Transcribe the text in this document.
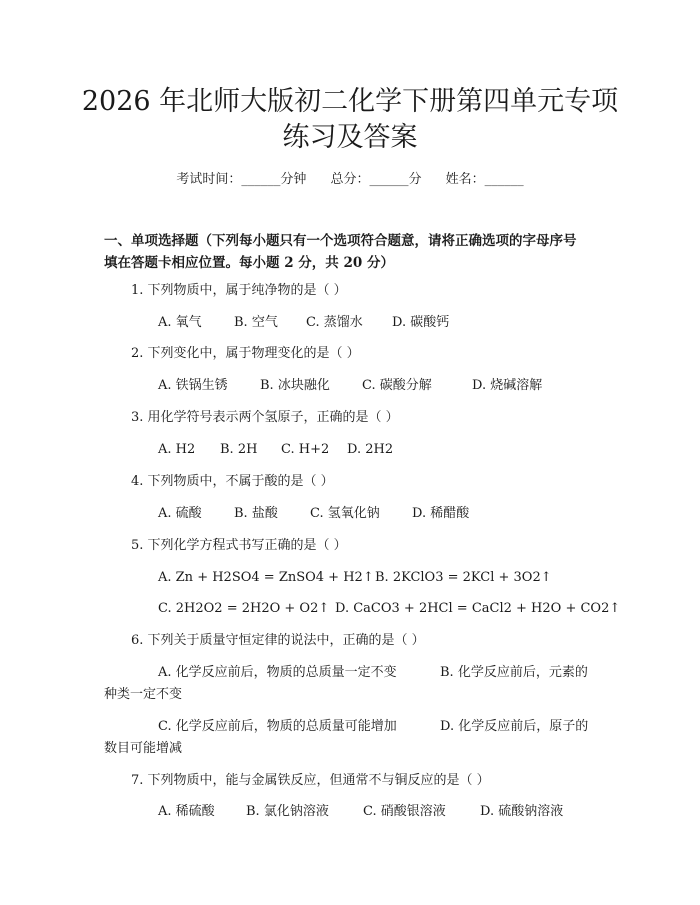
2026 年北师大版初二化学下册第四单元专项
练习及答案
考试时间：______分钟 总分：______分 姓名：______
一、单项选择题（下列每小题只有一个选项符合题意，请将正确选项的字母序号
填在答题卡相应位置。每小题 2 分，共 20 分）
1. 下列物质中，属于纯净物的是（ ）
A. 氧气 B. 空气 C. 蒸馏水 D. 碳酸钙
2. 下列变化中，属于物理变化的是（ ）
A. 铁锅生锈 B. 冰块融化 C. 碳酸分解	D. 烧碱溶解
3. 用化学符号表示两个氢原子，正确的是（ ）
A. H2 B. 2H C. H+2 D. 2H2
4. 下列物质中，不属于酸的是（ ）
A. 硫酸 B. 盐酸 C. 氢氧化钠 D. 稀醋酸
5. 下列化学方程式书写正确的是（ ）
A. Zn + H2SO4 = ZnSO4 + H2↑B. 2KClO3 = 2KCl + 3O2↑
C. 2H2O2 = 2H2O + O2↑ D. CaCO3 + 2HCl = CaCl2 + H2O + CO2↑
6. 下列关于质量守恒定律的说法中，正确的是（ ）
A. 化学反应前后，物质的总质量一定不变	B. 化学反应前后，元素的
种类一定不变
C. 化学反应前后，物质的总质量可能增加	D. 化学反应前后，原子的
数目可能增减
7. 下列物质中，能与金属铁反应，但通常不与铜反应的是（ ）
A. 稀硫酸 B. 氯化钠溶液	C. 硝酸银溶液	D. 硫酸钠溶液
